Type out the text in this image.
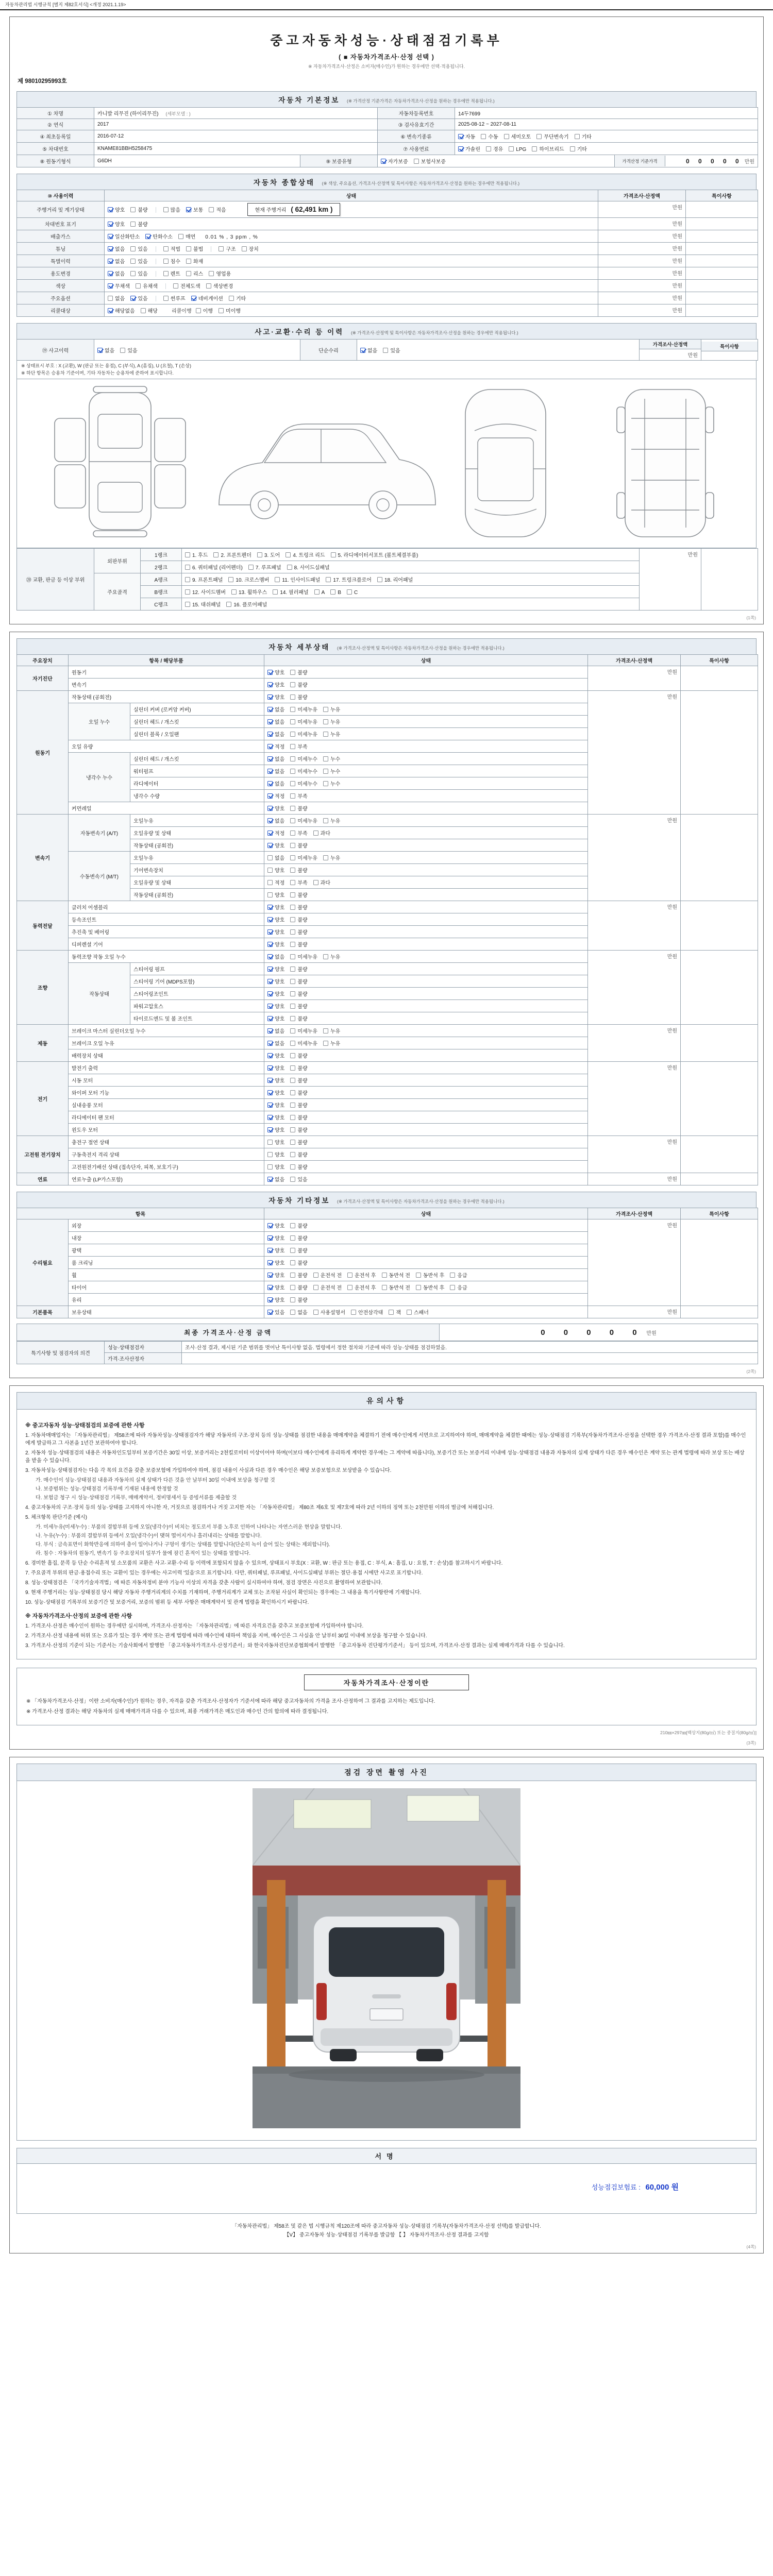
자동차관리법 시행규칙 [별지 제82호서식] <개정 2021.1.19>
중고자동차성능·상태점검기록부
( ■ 자동차가격조사·산정 선택 )
※ 자동차가격조사·산정은 소비자(매수인)가 원하는 경우에만 선택·적용됩니다.
제 98010295993호
자동차 기본정보 (※ 가격산정 기준가격은 자동차가격조사·산정을 원하는 경우에만 적용됩니다.)
① 차명	카니발 리무진 (하이리무진) (세부모델 : )		자동차등록번호	14두7699	
② 연식	2017		③ 검사유효기간	2025-08-12 ~ 2027-08-11	
④ 최초등록일	2016-07-12		⑥ 변속기종류	자동 수동 세미오토 무단변속기 기타	
⑤ 차대번호	KNAME81BBH5258475		⑦ 사용연료	가솔린 경유 LPG 하이브리드 기타	
⑧ 원동기형식	G6DH	⑨ 보증유형	자가보증 보험사보증		가격산정 기준가격 0 0 0 0 0 만원
자동차 종합상태 (※ 색상, 주요옵션, 가격조사·산정액 및 특이사항은 자동차가격조사·산정을 원하는 경우에만 적용됩니다.)
⑩ 사용이력	상태	가격조사·산정액	특이사항
주행거리 및 계기상태	양호 불량 많음 보통 적음 현재 주행거리 ( 62,491 km )	만원	
차대번호 표기	양호 불량	만원	
배출가스	일산화탄소 탄화수소 매연 0.01 % , 3 ppm , %	만원	
튜닝	없음 있음 적법 불법 구조 장치	만원	
특별이력	없음 있음 침수 화재	만원	
용도변경	없음 있음 렌트 리스 영업용	만원	
색상	무채색 유채색 전체도색 색상변경	만원	
주요옵션	없음 있음 썬루프 네비게이션 기타	만원	
리콜대상	해당없음 해당 리콜이행 이행 미이행	만원	
사고·교환·수리 등 이력 (※ 가격조사·산정액 및 특이사항은 자동차가격조사·산정을 원하는 경우에만 적용됩니다.)
⑲ 사고이력	없음	있음	단순수리	없음	있음	
가격조사·산정액
만원

특이사항
※ 상태표시 부호 : X (교환), W (판금 또는 용접), C (부식), A (흠집), U (요철), T (손상)
※ 하단 항목은 승용차 기준이며, 기타 자동차는 승용차에 준하여 표시합니다.
⑳ 교환, 판금 등 이상 부위	외판부위	1랭크	1. 후드 2. 프론트펜더 3. 도어 4. 트렁크 리드 5. 라디에이터서포트 (볼트체결부품)	만원	
		2랭크	6. 쿼터패널 (리어펜더) 7. 루프패널 8. 사이드실패널		
	주요골격	A랭크	9. 프론트패널 10. 크로스멤버 11. 인사이드패널 17. 트렁크플로어 18. 리어패널		
		B랭크	12. 사이드멤버 13. 휠하우스 14. 필러패널 A B C		
		C랭크	15. 대쉬패널 16. 플로어패널		
(1쪽)
자동차 세부상태 (※ 가격조사·산정액 및 특이사항은 자동차가격조사·산정을 원하는 경우에만 적용됩니다.)
주요장치	항목 / 해당부품		상태	가격조사·산정액	특이사항
자기진단	원동기		양호 불량	만원	
	변속기		양호 불량		
원동기	작동상태 (공회전)		양호 불량	만원	
	오일 누수	실린더 커버 (로커암 커버)	없음 미세누유 누유		
		실린더 헤드 / 개스킷	없음 미세누유 누유		
		실린더 블록 / 오일팬	없음 미세누유 누유		
	오일 유량		적정 부족		
	냉각수 누수	실린더 헤드 / 개스킷	없음 미세누수 누수		
		워터펌프	없음 미세누수 누수		
		라디에이터	없음 미세누수 누수		
		냉각수 수량	적정 부족		
	커먼레일		양호 불량		
변속기	자동변속기 (A/T)	오일누유	없음 미세누유 누유	만원	
		오일유량 및 상태	적정 부족 과다		
		작동상태 (공회전)	양호 불량		
	수동변속기 (M/T)	오일누유	없음 미세누유 누유		
		기어변속장치	양호 불량		
		오일유량 및 상태	적정 부족 과다		
		작동상태 (공회전)	양호 불량		
동력전달	클러치 어셈블리		양호 불량	만원	
	등속조인트		양호 불량		
	추진축 및 베어링		양호 불량		
	디퍼렌셜 기어		양호 불량		
조향	동력조향 작동 오일 누수		없음 미세누유 누유	만원	
	작동상태	스티어링 펌프	양호 불량		
		스티어링 기어 (MDPS포함)	양호 불량		
		스티어링조인트	양호 불량		
		파워고압호스	양호 불량		
		타이로드엔드 및 볼 조인트	양호 불량		
제동	브레이크 마스터 실린더오일 누수		없음 미세누유 누유	만원	
	브레이크 오일 누유		없음 미세누유 누유		
	배력장치 상태		양호 불량		
전기	발전기 출력		양호 불량	만원	
	시동 모터		양호 불량		
	와이퍼 모터 기능		양호 불량		
	실내송풍 모터		양호 불량		
	라디에이터 팬 모터		양호 불량		
	윈도우 모터		양호 불량		
고전원 전기장치	충전구 절연 상태		양호 불량	만원	
	구동축전지 격리 상태		양호 불량		
	고전원전기배선 상태 (접속단자, 피복, 보호기구)		양호 불량		
연료	연료누출 (LP가스포함)		없음 있음	만원	
자동차 기타정보 (※ 가격조사·산정액 및 특이사항은 자동차가격조사·산정을 원하는 경우에만 적용됩니다.)
항목		상태	가격조사·산정액	특이사항
수리필요	외장	양호 불량	만원	
	내장	양호 불량		
	광택	양호 불량		
	룸 크리닝	양호 불량		
	휠	양호 불량 운전석 전 운전석 후 동반석 전 동반석 후 응급		
	타이어	양호 불량 운전석 전 운전석 후 동반석 전 동반석 후 응급		
	유리	양호 불량		
기본품목	보유상태	있음 없음 사용설명서 안전삼각대 잭 스패너	만원	
최종 가격조사·산정 금액	0 0 0 0 0 만원
특기사항 및 점검자의 의견	성능·상태점검자	조사·산정 결과, 제시된 기준 범위를 벗어난 특이사항 없음. 법령에서 정한 절차와 기준에 따라 성능·상태를 점검하였음.
	가격·조사산정자	
(2쪽)
유의사항
※ 중고자동차 성능·상태점검의 보증에 관한 사항
1. 자동차매매업자는 「자동차관리법」 제58조에 따라 자동차성능·상태점검자가 해당 자동차의 구조·장치 등의 성능·상태를 점검한 내용을 매매계약을 체결하기 전에 매수인에게 서면으로 고지하여야 하며, 매매계약을 체결한 때에는 성능·상태점검 기록부(자동차가격조사·산정을 선택한 경우 가격조사·산정 결과 포함)를 매수인에게 발급하고 그 사본을 1년간 보관하여야 합니다.
2. 자동차 성능·상태점검의 내용은 자동차인도일부터 보증기간은 30일 이상, 보증거리는 2천킬로미터 이상이어야 하며(이보다 매수인에게 유리하게 계약한 경우에는 그 계약에 따릅니다), 보증기간 또는 보증거리 이내에 성능·상태점검 내용과 자동차의 실제 상태가 다른 경우 매수인은 계약 또는 관계 법령에 따라 보상 또는 배상을 받을 수 있습니다.
3. 자동차성능·상태점검자는 다음 각 목의 요건을 갖춘 보증보험에 가입하여야 하며, 점검 내용이 사실과 다른 경우 매수인은 해당 보증보험으로 보상받을 수 있습니다.
가. 매수인이 성능·상태점검 내용과 자동차의 실제 상태가 다른 것을 안 날부터 30일 이내에 보상을 청구할 것
나. 보증범위는 성능·상태점검 기록부에 기재된 내용에 한정할 것
다. 보험금 청구 시 성능·상태점검 기록부, 매매계약서, 정비명세서 등 증빙서류를 제출할 것
4. 중고자동차의 구조·장치 등의 성능·상태를 고지하지 아니한 자, 거짓으로 점검하거나 거짓 고지한 자는 「자동차관리법」 제80조 제6호 및 제7호에 따라 2년 이하의 징역 또는 2천만원 이하의 벌금에 처해집니다.
5. 체크항목 판단기준 (예시)
가. 미세누유(미세누수) : 부품의 결합부위 등에 오일(냉각수)이 비치는 정도로서 부품 노후로 인하여 나타나는 자연스러운 현상을 말합니다.
나. 누유(누수) : 부품의 결합부위 등에서 오일(냉각수)이 맺혀 떨어지거나 흘러내리는 상태를 말합니다.
다. 부식 : 금속표면이 화학반응에 의하여 층이 일어나거나 구멍이 생기는 상태를 말합니다(단순히 녹이 슬어 있는 상태는 제외합니다).
라. 침수 : 자동차의 원동기, 변속기 등 주요장치의 일부가 물에 잠긴 흔적이 있는 상태를 말합니다.
6. 경미한 흠집, 문콕 등 단순 수리흔적 및 소모품의 교환은 사고·교환·수리 등 이력에 포함되지 않을 수 있으며, 상태표시 부호(X : 교환, W : 판금 또는 용접, C : 부식, A : 흠집, U : 요철, T : 손상)를 참고하시기 바랍니다.
7. 주요골격 부위의 판금·용접수리 또는 교환이 있는 경우에는 사고이력 '있음'으로 표기합니다. 다만, 쿼터패널, 루프패널, 사이드실패널 부위는 절단·용접 시에만 사고로 표기합니다.
8. 성능·상태점검은 「국가기술자격법」에 따른 자동차정비 분야 기능사 이상의 자격을 갖춘 사람이 실시하여야 하며, 점검 장면은 사진으로 촬영하여 보관합니다.
9. 현재 주행거리는 성능·상태점검 당시 해당 자동차 주행거리계의 수치를 기재하며, 주행거리계가 교체 또는 조작된 사실이 확인되는 경우에는 그 내용을 특기사항란에 기재합니다.
10. 성능·상태점검 기록부의 보증기간 및 보증거리, 보증의 범위 등 세부 사항은 매매계약서 및 관계 법령을 확인하시기 바랍니다.
※ 자동차가격조사·산정의 보증에 관한 사항
1. 가격조사·산정은 매수인이 원하는 경우에만 실시하며, 가격조사·산정자는 「자동차관리법」에 따른 자격요건을 갖추고 보증보험에 가입하여야 합니다.
2. 가격조사·산정 내용에 허위 또는 오류가 있는 경우 계약 또는 관계 법령에 따라 매수인에 대하여 책임을 지며, 매수인은 그 사실을 안 날부터 30일 이내에 보상을 청구할 수 있습니다.
3. 가격조사·산정의 기준이 되는 기준서는 기술사회에서 발행한 「중고자동차가격조사·산정기준서」와 한국자동차진단보증협회에서 발행한 「중고자동차 진단평가기준서」 등이 있으며, 가격조사·산정 결과는 실제 매매가격과 다를 수 있습니다.
자동차가격조사·산정이란
※ 「자동차가격조사·산정」이란 소비자(매수인)가 원하는 경우, 자격을 갖춘 가격조사·산정자가 기준서에 따라 해당 중고자동차의 가격을 조사·산정하여 그 결과를 고지하는 제도입니다.
※ 가격조사·산정 결과는 해당 자동차의 실제 매매가격과 다를 수 있으며, 최종 거래가격은 매도인과 매수인 간의 합의에 따라 결정됩니다.
210㎜×297㎜[백상지(80g/㎡) 또는 중질지(80g/㎡)]
(3쪽)
점검 장면 촬영 사진
서명
성능점검보험료 : 60,000 원
「자동차관리법」 제58조 및 같은 법 시행규칙 제120조에 따라 중고자동차 성능·상태점검 기록부(자동차가격조사·산정 선택)를 발급합니다.
【V】 중고자동차 성능·상태점검 기록부를 발급함 【 】 자동차가격조사·산정 결과를 고지함
(4쪽)
